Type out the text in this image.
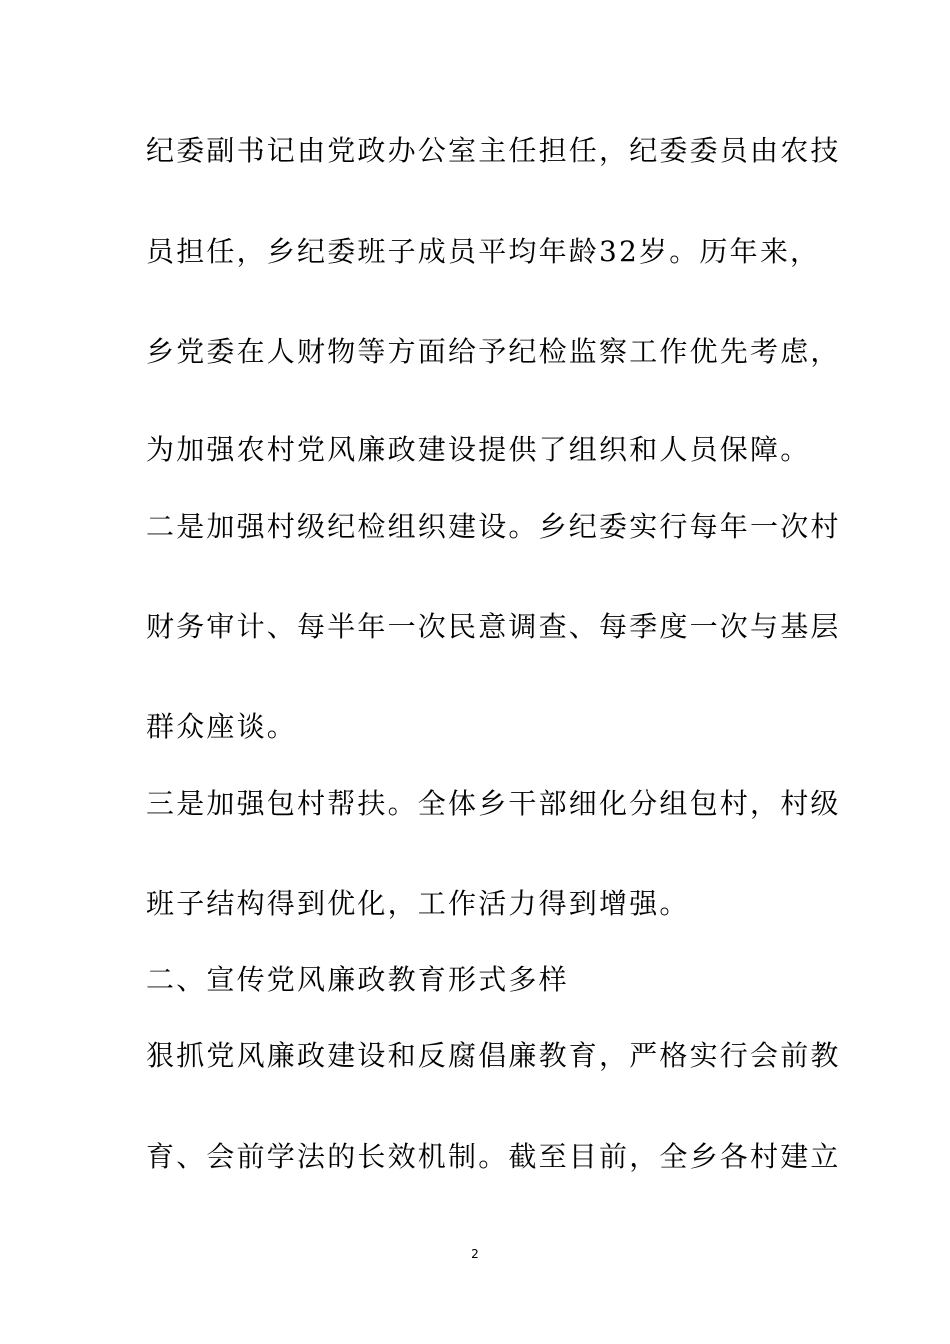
纪委副书记由党政办公室主任担任，纪委委员由农技
员担任，乡纪委班子成员平均年龄32岁。历年来，
乡党委在人财物等方面给予纪检监察工作优先考虑，
为加强农村党风廉政建设提供了组织和人员保障。
二是加强村级纪检组织建设。乡纪委实行每年一次村
财务审计、每半年一次民意调查、每季度一次与基层
群众座谈。
三是加强包村帮扶。全体乡干部细化分组包村，村级
班子结构得到优化，工作活力得到增强。
二、宣传党风廉政教育形式多样
狠抓党风廉政建设和反腐倡廉教育，严格实行会前教
育、会前学法的长效机制。截至目前，全乡各村建立
2
